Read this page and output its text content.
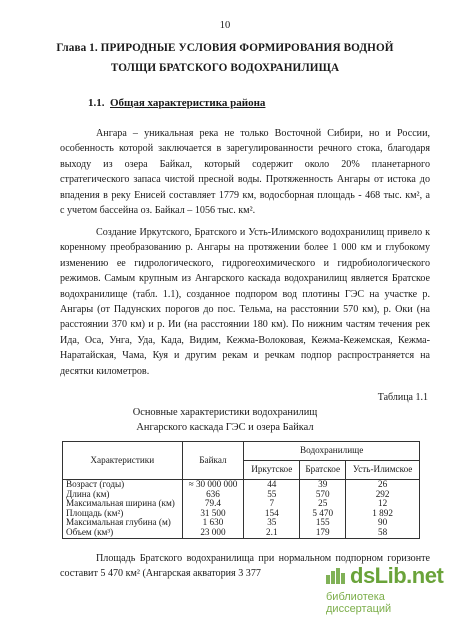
10
Глава 1. ПРИРОДНЫЕ УСЛОВИЯ ФОРМИРОВАНИЯ ВОДНОЙ
ТОЛЩИ БРАТСКОГО ВОДОХРАНИЛИЩА
1.1. Общая характеристика района
Ангара – уникальная река не только Восточной Сибири, но и России,
особенность которой заключается в зарегулированности речного стока, благодаря
выходу из озера Байкал, который содержит около 20% планетарного
стратегического запаса чистой пресной воды. Протяженность Ангары от истока до
впадения в реку Енисей составляет 1779 км, водосборная площадь - 468 тыс. км², а
с учетом бассейна оз. Байкал – 1056 тыс. км².
Создание Иркутского, Братского и Усть-Илимского водохранилищ привело к
коренному преобразованию р. Ангары на протяжении более 1 000 км и глубокому
изменению ее гидрологического, гидрогеохимического и гидробиологического
режимов. Самым крупным из Ангарского каскада водохранилищ является Братское
водохранилище (табл. 1.1), созданное подпором вод плотины ГЭС на участке р.
Ангары (от Падунских порогов до пос. Тельма, на расстоянии 570 км), р. Оки (на
расстоянии 370 км) и р. Ии (на расстоянии 180 км). По нижним частям течения рек
Ида, Оса, Унга, Уда, Када, Видим, Кежма-Волоковая, Кежма-Кежемская, Кежма-
Наратайская, Чама, Куя и другим рекам и речкам подпор распространяется на
десятки километров.
Таблица 1.1
Основные характеристики водохранилищ
Ангарского каскада ГЭС и озера Байкал
Характеристики	Байкал	Водохранилище		
		Иркутское	Братское	Усть-Илимское
Возраст (годы)	≈ 30 000 000	44	39	26
Длина (км)	636	55	570	292
Максимальная ширина (км)	79.4	7	25	12
Площадь (км²)	31 500	154	5 470	1 892
Максимальная глубина (м)	1 630	35	155	90
Объем (км³)	23 000	2.1	179	58
Площадь Братского водохранилища при нормальном подпорном горизонте
составит 5 470 км² (Ангарская акватория 3 377	dsLib.net
библиотека диссертаций
